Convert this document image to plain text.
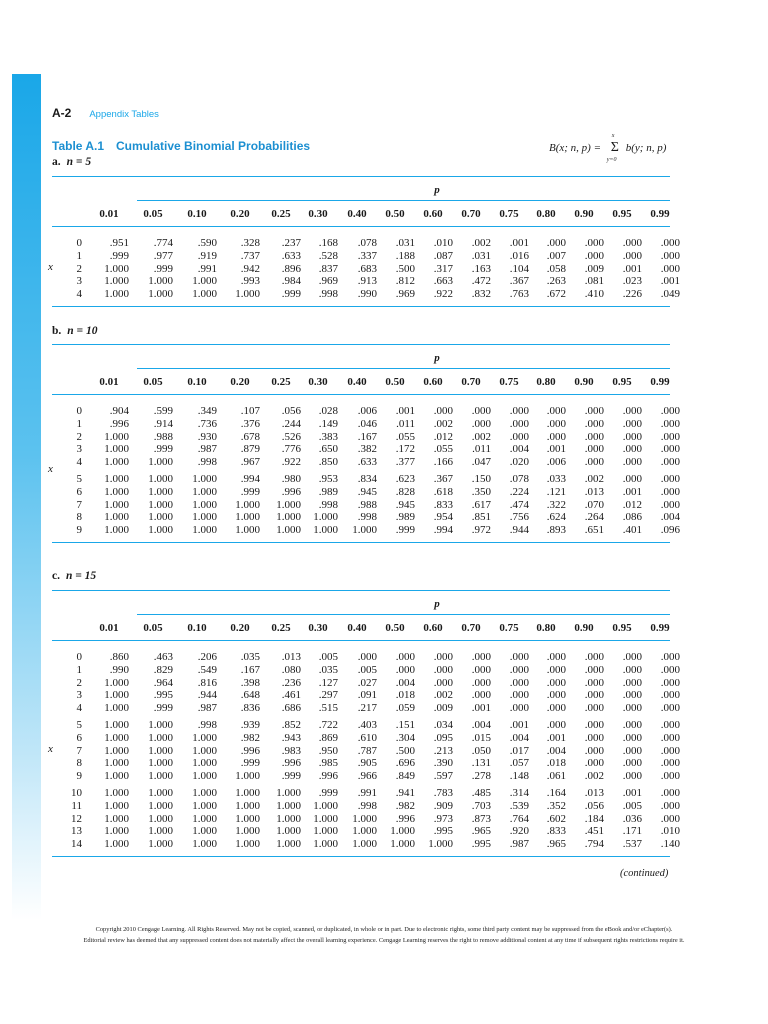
A-2 Appendix Tables
Table A.1 Cumulative Binomial Probabilities	B(x; n, p) =
x
Σ
y=0
b(y; n, p)
a. n = 5
p
0.01	0.05	0.10	0.20	0.25	0.30	0.40	0.50	0.60	0.70	0.75	0.80	0.90	0.95	0.99
0	.951	.774	.590	.328	.237	.168	.078	.031	.010	.002	.001	.000	.000	.000	.000
1	.999	.977	.919	.737	.633	.528	.337	.188	.087	.031	.016	.007	.000	.000	.000
2	1.000	.999	.991	.942	.896	.837	.683	.500	.317	.163	.104	.058	.009	.001	.000
3	1.000	1.000	1.000	.993	.984	.969	.913	.812	.663	.472	.367	.263	.081	.023	.001
4	1.000	1.000	1.000	1.000	.999	.998	.990	.969	.922	.832	.763	.672	.410	.226	.049
x
b. n = 10
p
0.01	0.05	0.10	0.20	0.25	0.30	0.40	0.50	0.60	0.70	0.75	0.80	0.90	0.95	0.99
0	.904	.599	.349	.107	.056	.028	.006	.001	.000	.000	.000	.000	.000	.000	.000
1	.996	.914	.736	.376	.244	.149	.046	.011	.002	.000	.000	.000	.000	.000	.000
2	1.000	.988	.930	.678	.526	.383	.167	.055	.012	.002	.000	.000	.000	.000	.000
3	1.000	.999	.987	.879	.776	.650	.382	.172	.055	.011	.004	.001	.000	.000	.000
4	1.000	1.000	.998	.967	.922	.850	.633	.377	.166	.047	.020	.006	.000	.000	.000
5	1.000	1.000	1.000	.994	.980	.953	.834	.623	.367	.150	.078	.033	.002	.000	.000
6	1.000	1.000	1.000	.999	.996	.989	.945	.828	.618	.350	.224	.121	.013	.001	.000
7	1.000	1.000	1.000	1.000	1.000	.998	.988	.945	.833	.617	.474	.322	.070	.012	.000
8	1.000	1.000	1.000	1.000	1.000	1.000	.998	.989	.954	.851	.756	.624	.264	.086	.004
9	1.000	1.000	1.000	1.000	1.000	1.000	1.000	.999	.994	.972	.944	.893	.651	.401	.096
x
c. n = 15
p
0.01	0.05	0.10	0.20	0.25	0.30	0.40	0.50	0.60	0.70	0.75	0.80	0.90	0.95	0.99
0	.860	.463	.206	.035	.013	.005	.000	.000	.000	.000	.000	.000	.000	.000	.000
1	.990	.829	.549	.167	.080	.035	.005	.000	.000	.000	.000	.000	.000	.000	.000
2	1.000	.964	.816	.398	.236	.127	.027	.004	.000	.000	.000	.000	.000	.000	.000
3	1.000	.995	.944	.648	.461	.297	.091	.018	.002	.000	.000	.000	.000	.000	.000
4	1.000	.999	.987	.836	.686	.515	.217	.059	.009	.001	.000	.000	.000	.000	.000
5	1.000	1.000	.998	.939	.852	.722	.403	.151	.034	.004	.001	.000	.000	.000	.000
6	1.000	1.000	1.000	.982	.943	.869	.610	.304	.095	.015	.004	.001	.000	.000	.000
7	1.000	1.000	1.000	.996	.983	.950	.787	.500	.213	.050	.017	.004	.000	.000	.000
8	1.000	1.000	1.000	.999	.996	.985	.905	.696	.390	.131	.057	.018	.000	.000	.000
9	1.000	1.000	1.000	1.000	.999	.996	.966	.849	.597	.278	.148	.061	.002	.000	.000
10	1.000	1.000	1.000	1.000	1.000	.999	.991	.941	.783	.485	.314	.164	.013	.001	.000
11	1.000	1.000	1.000	1.000	1.000	1.000	.998	.982	.909	.703	.539	.352	.056	.005	.000
12	1.000	1.000	1.000	1.000	1.000	1.000	1.000	.996	.973	.873	.764	.602	.184	.036	.000
13	1.000	1.000	1.000	1.000	1.000	1.000	1.000	1.000	.995	.965	.920	.833	.451	.171	.010
14	1.000	1.000	1.000	1.000	1.000	1.000	1.000	1.000	1.000	.995	.987	.965	.794	.537	.140
x
(continued)
Copyright 2010 Cengage Learning. All Rights Reserved. May not be copied, scanned, or duplicated, in whole or in part. Due to electronic rights, some third party content may be suppressed from the eBook and/or eChapter(s).
Editorial review has deemed that any suppressed content does not materially affect the overall learning experience. Cengage Learning reserves the right to remove additional content at any time if subsequent rights restrictions require it.
